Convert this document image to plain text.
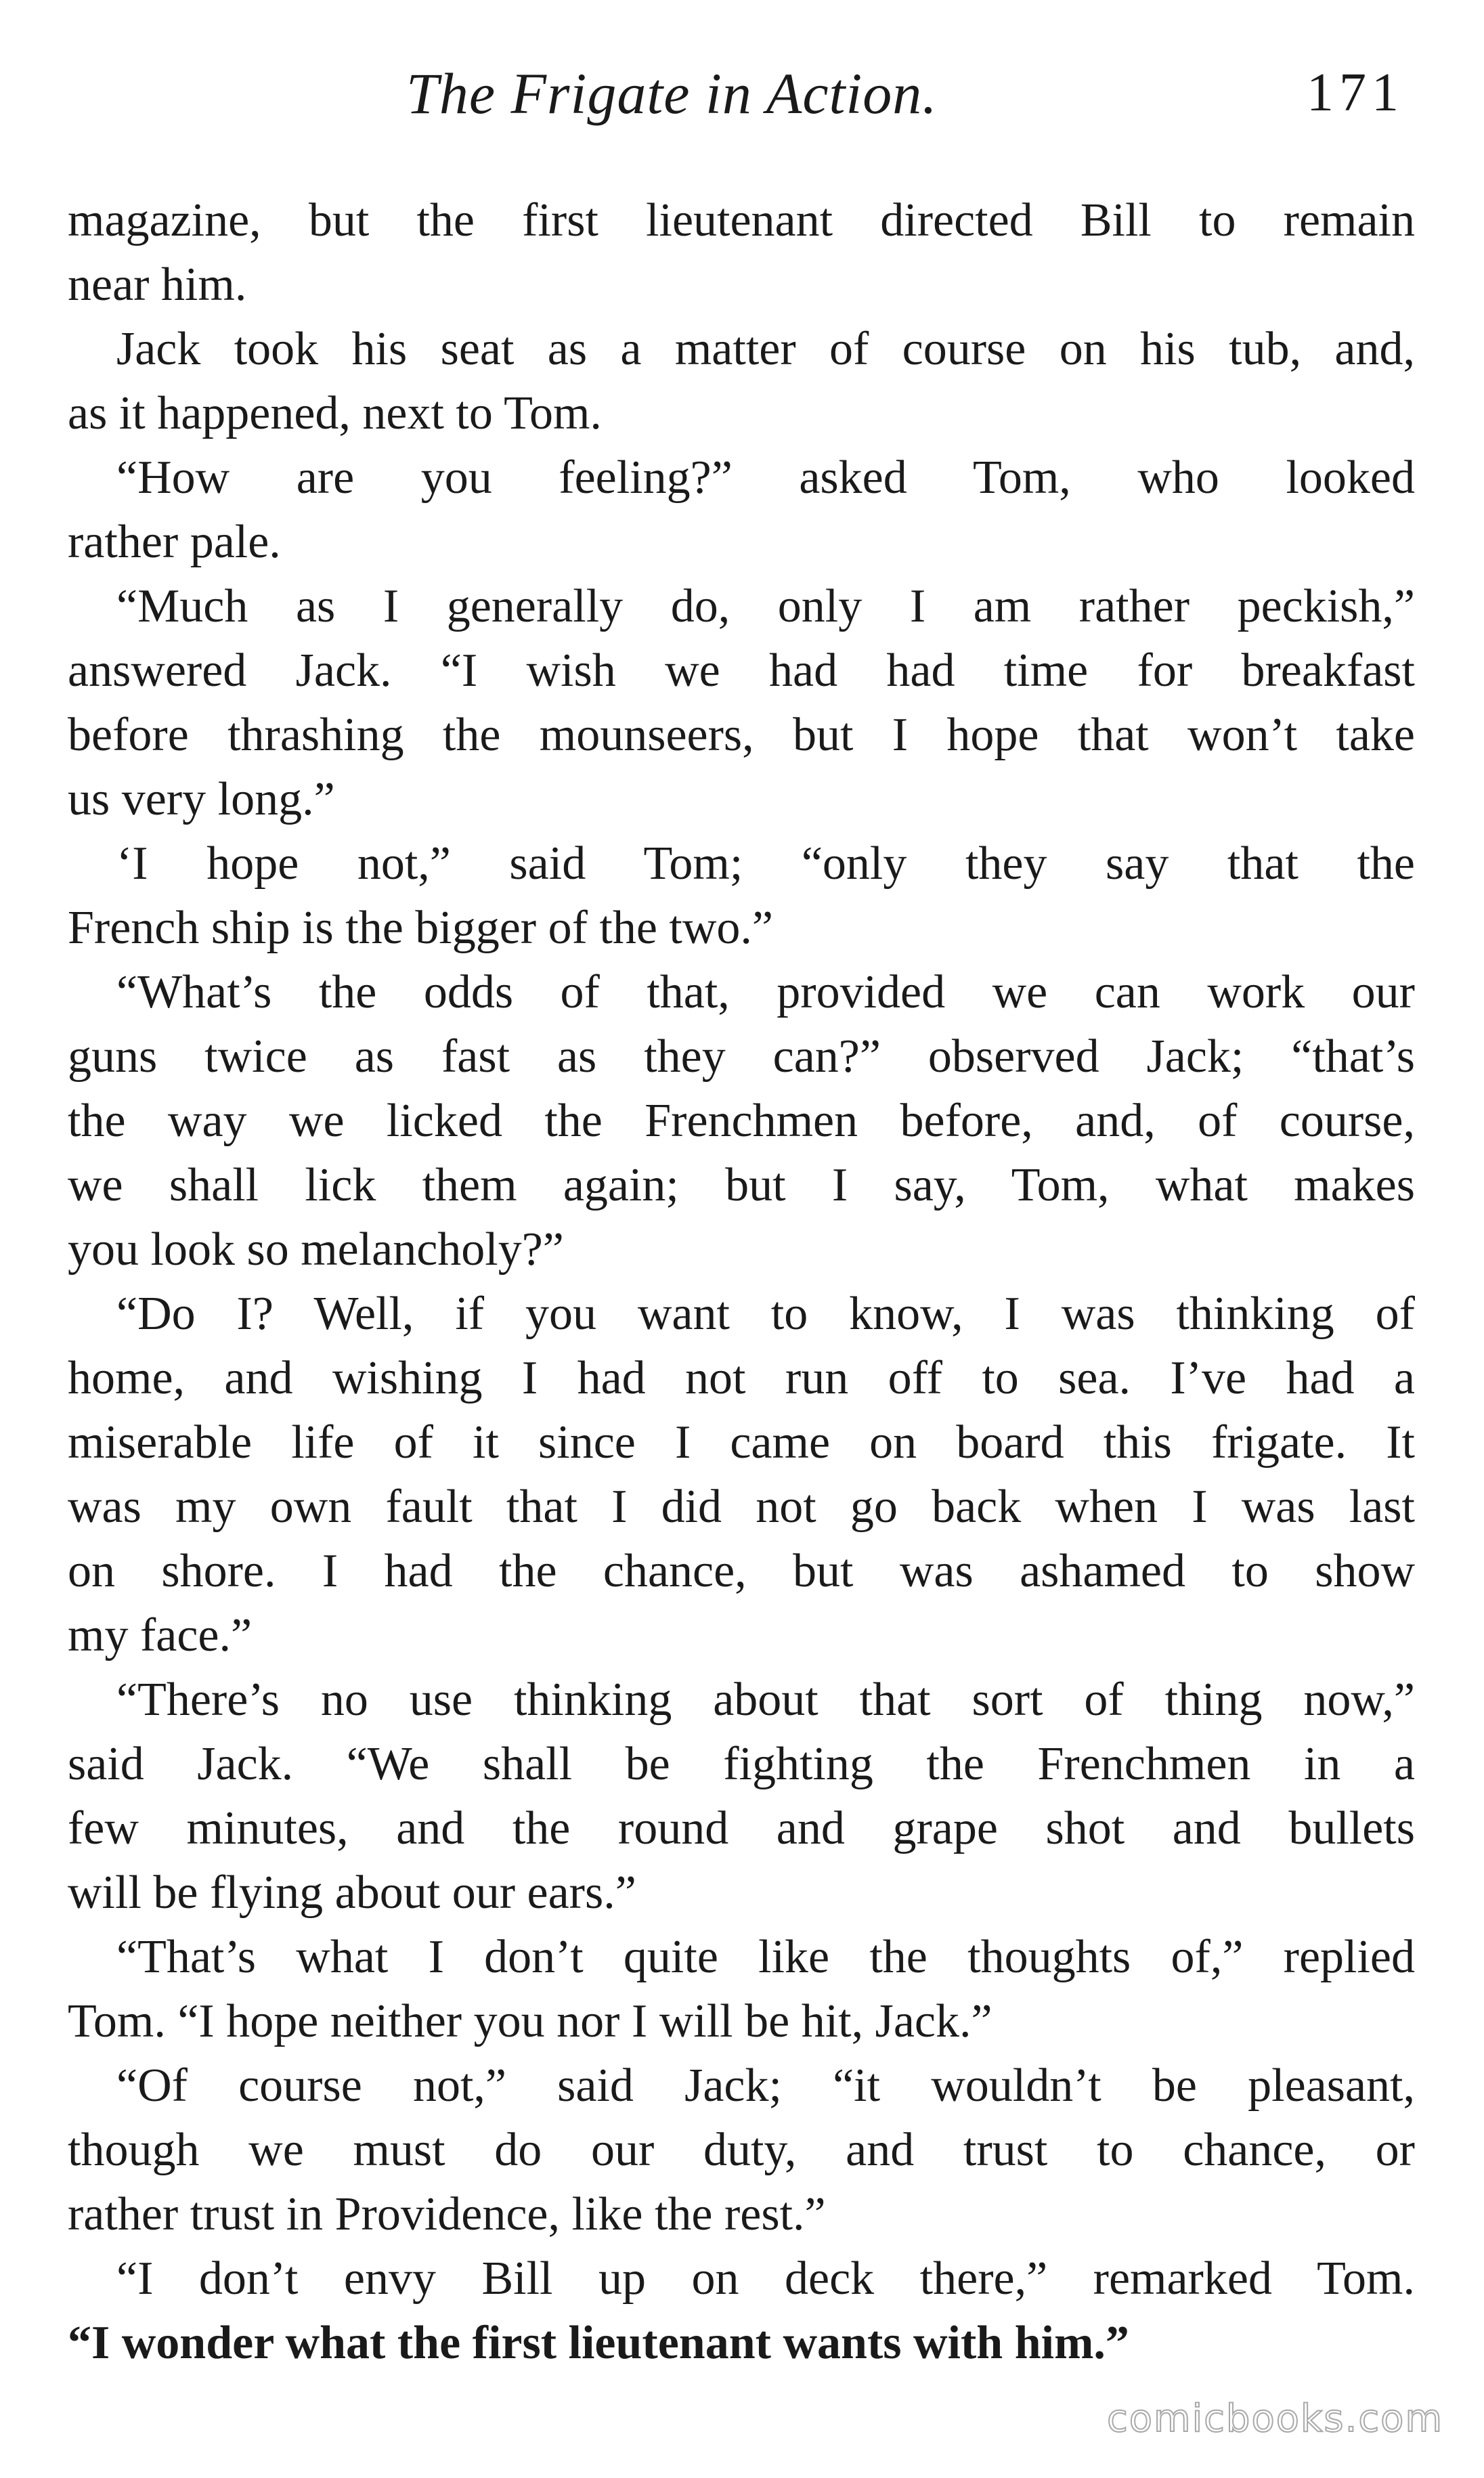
The Frigate in Action.	171
magazine, but the first lieutenant directed Bill to remain
near him.
Jack took his seat as a matter of course on his tub, and,
as it happened, next to Tom.
“How are you feeling?” asked Tom, who looked
rather pale.
“Much as I generally do, only I am rather peckish,”
answered Jack. “I wish we had had time for breakfast
before thrashing the mounseers, but I hope that won’t take
us very long.”
‘I hope not,” said Tom; “only they say that the
French ship is the bigger of the two.”
“What’s the odds of that, provided we can work our
guns twice as fast as they can?” observed Jack; “that’s
the way we licked the Frenchmen before, and, of course,
we shall lick them again; but I say, Tom, what makes
you look so melancholy?”
“Do I? Well, if you want to know, I was thinking of
home, and wishing I had not run off to sea. I’ve had a
miserable life of it since I came on board this frigate. It
was my own fault that I did not go back when I was last
on shore. I had the chance, but was ashamed to show
my face.”
“There’s no use thinking about that sort of thing now,”
said Jack. “We shall be fighting the Frenchmen in a
few minutes, and the round and grape shot and bullets
will be flying about our ears.”
“That’s what I don’t quite like the thoughts of,” replied
Tom. “I hope neither you nor I will be hit, Jack.”
“Of course not,” said Jack; “it wouldn’t be pleasant,
though we must do our duty, and trust to chance, or
rather trust in Providence, like the rest.”
“I don’t envy Bill up on deck there,” remarked Tom.
“I wonder what the first lieutenant wants with him.”
comicbooks.com
